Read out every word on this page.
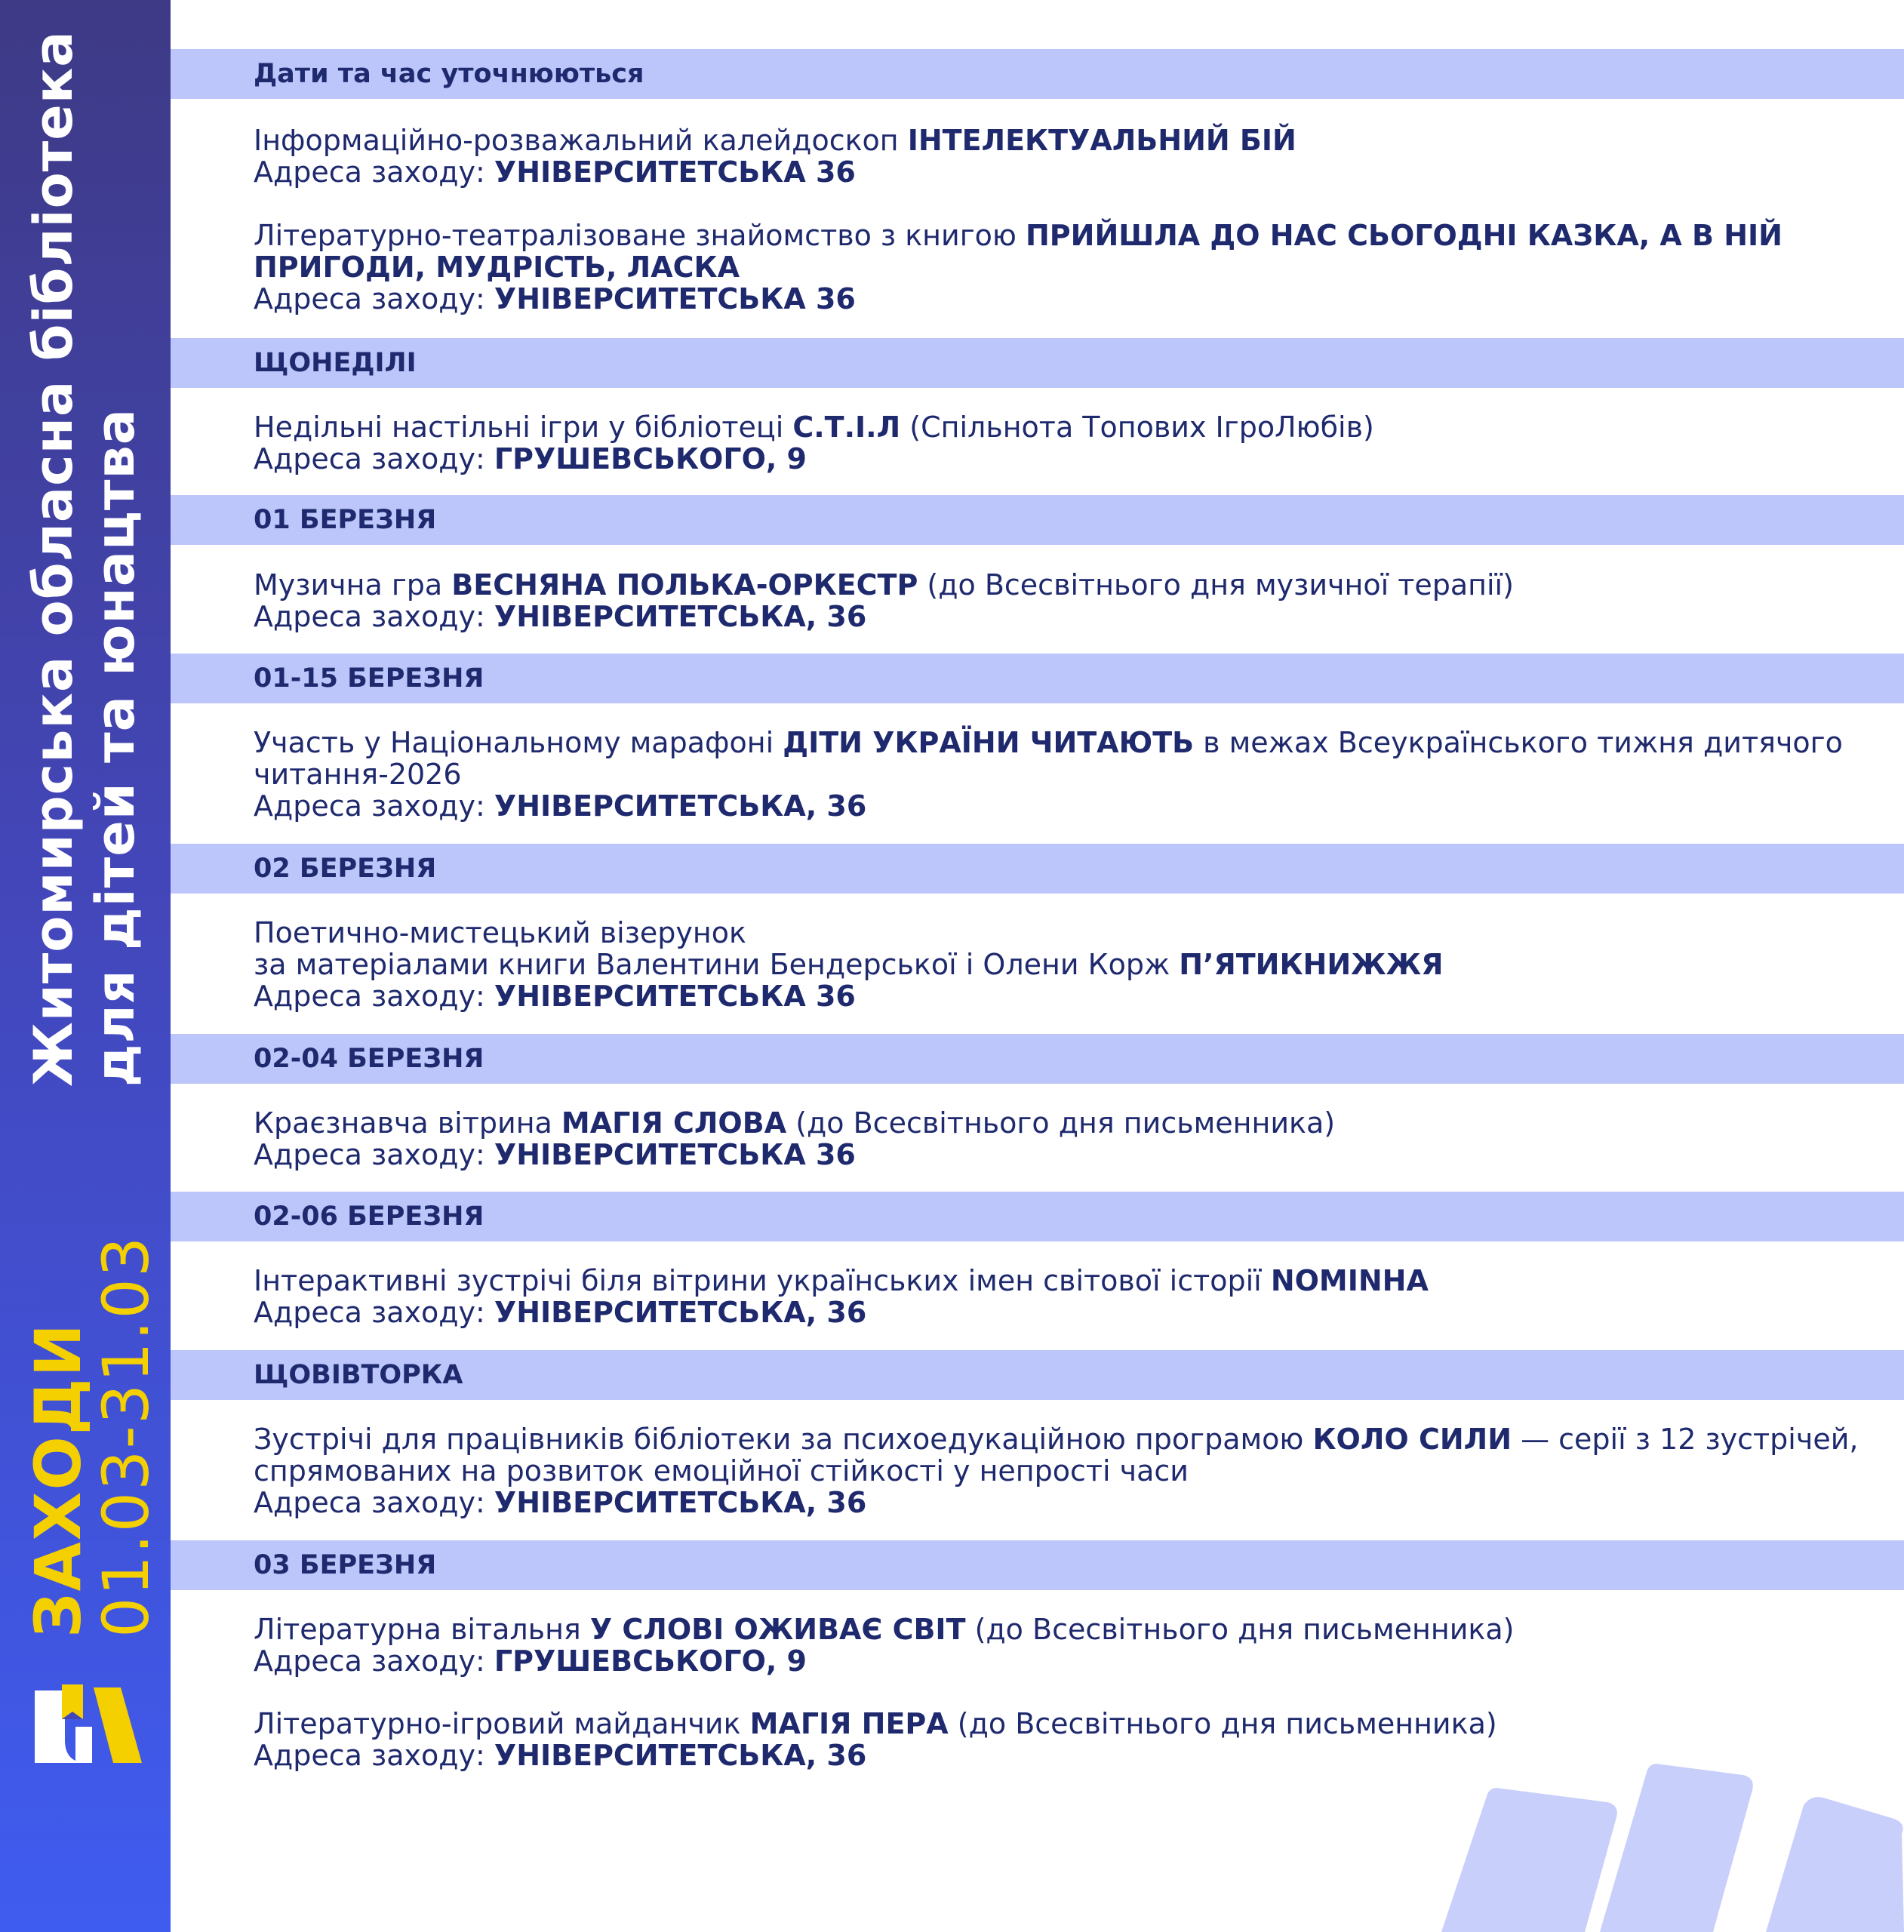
Житомирська обласна бібліотека для дітей та юнацтва
ЗАХОДИ
01.03-31.03
Дати та час уточнюються

Інформаційно-розважальний калейдоскоп ІНТЕЛЕКТУАЛЬНИЙ БІЙ

Адреса заходу: УНІВЕРСИТЕТСЬКА 36

Літературно-театралізоване знайомство з книгою ПРИЙШЛА ДО НАС СЬОГОДНІ КАЗКА, А В НІЙ ПРИГОДИ, МУДРІСТЬ, ЛАСКА

Адреса заходу: УНІВЕРСИТЕТСЬКА 36

ЩОНЕДІЛІ

Недільні настільні ігри у бібліотеці С.Т.І.Л (Спільнота Топових ІгроЛюбів)

Адреса заходу: ГРУШЕВСЬКОГО, 9

01 БЕРЕЗНЯ

Музична гра ВЕСНЯНА ПОЛЬКА-ОРКЕСТР (до Всесвітнього дня музичної терапії)

Адреса заходу: УНІВЕРСИТЕТСЬКА, 36

01-15 БЕРЕЗНЯ

Участь у Національному марафоні ДІТИ УКРАЇНИ ЧИТАЮТЬ в межах Всеукраїнського тижня дитячого читання-2026

Адреса заходу: УНІВЕРСИТЕТСЬКА, 36

02 БЕРЕЗНЯ

Поетично-мистецький візерунок

за матеріалами книги Валентини Бендерської і Олени Корж П’ЯТИКНИЖЖЯ

Адреса заходу: УНІВЕРСИТЕТСЬКА 36

02-04 БЕРЕЗНЯ

Краєзнавча вітрина МАГІЯ СЛОВА (до Всесвітнього дня письменника)

Адреса заходу: УНІВЕРСИТЕТСЬКА 36

02-06 БЕРЕЗНЯ

Інтерактивні зустрічі біля вітрини українських імен світової історії NОМІNНА

Адреса заходу: УНІВЕРСИТЕТСЬКА, 36

ЩОВІВТОРКА

Зустрічі для працівників бібліотеки за психоедукаційною програмою КОЛО СИЛИ — серії з 12 зустрічей, спрямованих на розвиток емоційної стійкості у непрості часи

Адреса заходу: УНІВЕРСИТЕТСЬКА, 36

03 БЕРЕЗНЯ

Літературна вітальня У СЛОВІ ОЖИВАЄ СВІТ (до Всесвітнього дня письменника)

Адреса заходу: ГРУШЕВСЬКОГО, 9

Літературно-ігровий майданчик МАГІЯ ПЕРА (до Всесвітнього дня письменника)

Адреса заходу: УНІВЕРСИТЕТСЬКА, 36
